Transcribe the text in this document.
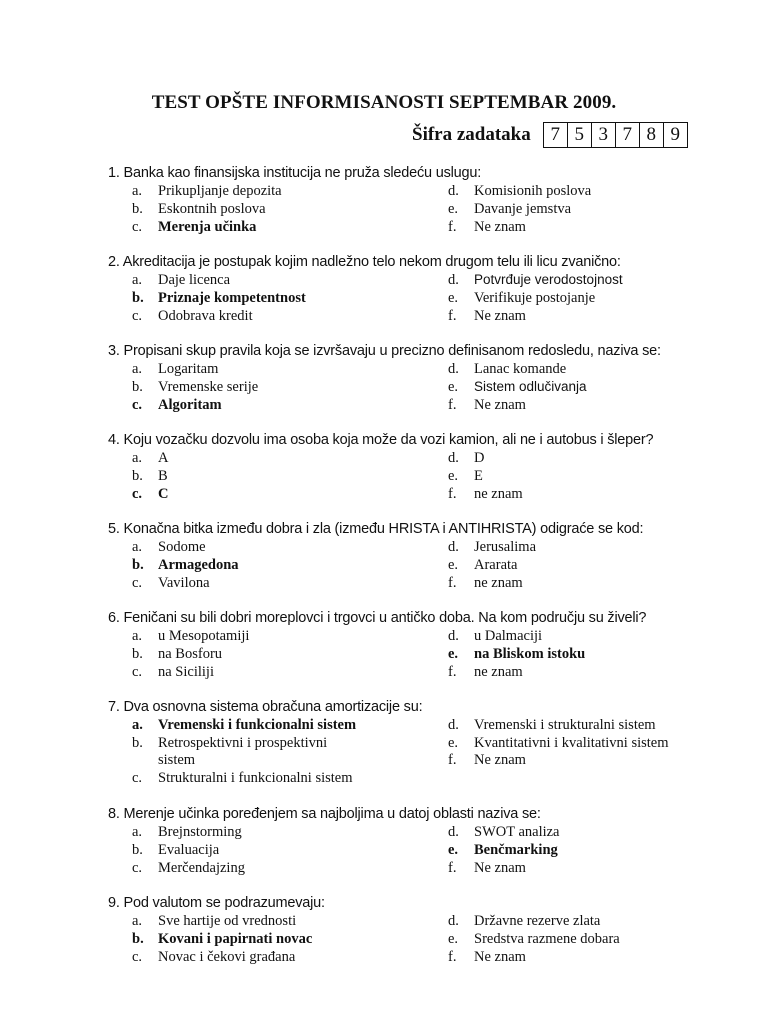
TEST OPŠTE INFORMISANOSTI SEPTEMBAR 2009.
Šifra zadataka	7 5 3 7 8 9
1. Banka kao finansijska institucija ne pruža sledeću uslugu:
a. Prikupljanje depozita
b. Eskontnih poslova
c. Merenja učinka
d. Komisionih poslova
e. Davanje jemstva
f. Ne znam
2. Akreditacija je postupak kojim nadležno telo nekom drugom telu ili licu zvanično:
a. Daje licenca
b. Priznaje kompetentnost
c. Odobrava kredit
d. Potvrđuje verodostojnost
e. Verifikuje postojanje
f. Ne znam
3. Propisani skup pravila koja se izvršavaju u precizno definisanom redosledu, naziva se:
a. Logaritam
b. Vremenske serije
c. Algoritam
d. Lanac komande
e. Sistem odlučivanja
f. Ne znam
4. Koju vozačku dozvolu ima osoba koja može da vozi kamion, ali ne i autobus i šleper?
a. A
b. B
c. C
d. D
e. E
f. ne znam
5. Konačna bitka između dobra i zla (između HRISTA i ANTIHRISTA) odigraće se kod:
a. Sodome
b. Armagedona
c. Vavilona
d. Jerusalima
e. Ararata
f. ne znam
6. Feničani su bili dobri moreplovci i trgovci u antičko doba. Na kom području su živeli?
a. u Mesopotamiji
b. na Bosforu
c. na Siciliji
d. u Dalmaciji
e. na Bliskom istoku
f. ne znam
7. Dva osnovna sistema obračuna amortizacije su:
a. Vremenski i funkcionalni sistem
b. Retrospektivni i prospektivni sistem
c. Strukturalni i funkcionalni sistem
d. Vremenski i strukturalni sistem
e. Kvantitativni i kvalitativni sistem
f. Ne znam
8. Merenje učinka poređenjem sa najboljima u datoj oblasti naziva se:
a. Brejnstorming
b. Evaluacija
c. Merčendajzing
d. SWOT analiza
e. Benčmarking
f. Ne znam
9. Pod valutom se podrazumevaju:
a. Sve hartije od vrednosti
b. Kovani i papirnati novac
c. Novac i čekovi građana
d. Državne rezerve zlata
e. Sredstva razmene dobara
f. Ne znam
